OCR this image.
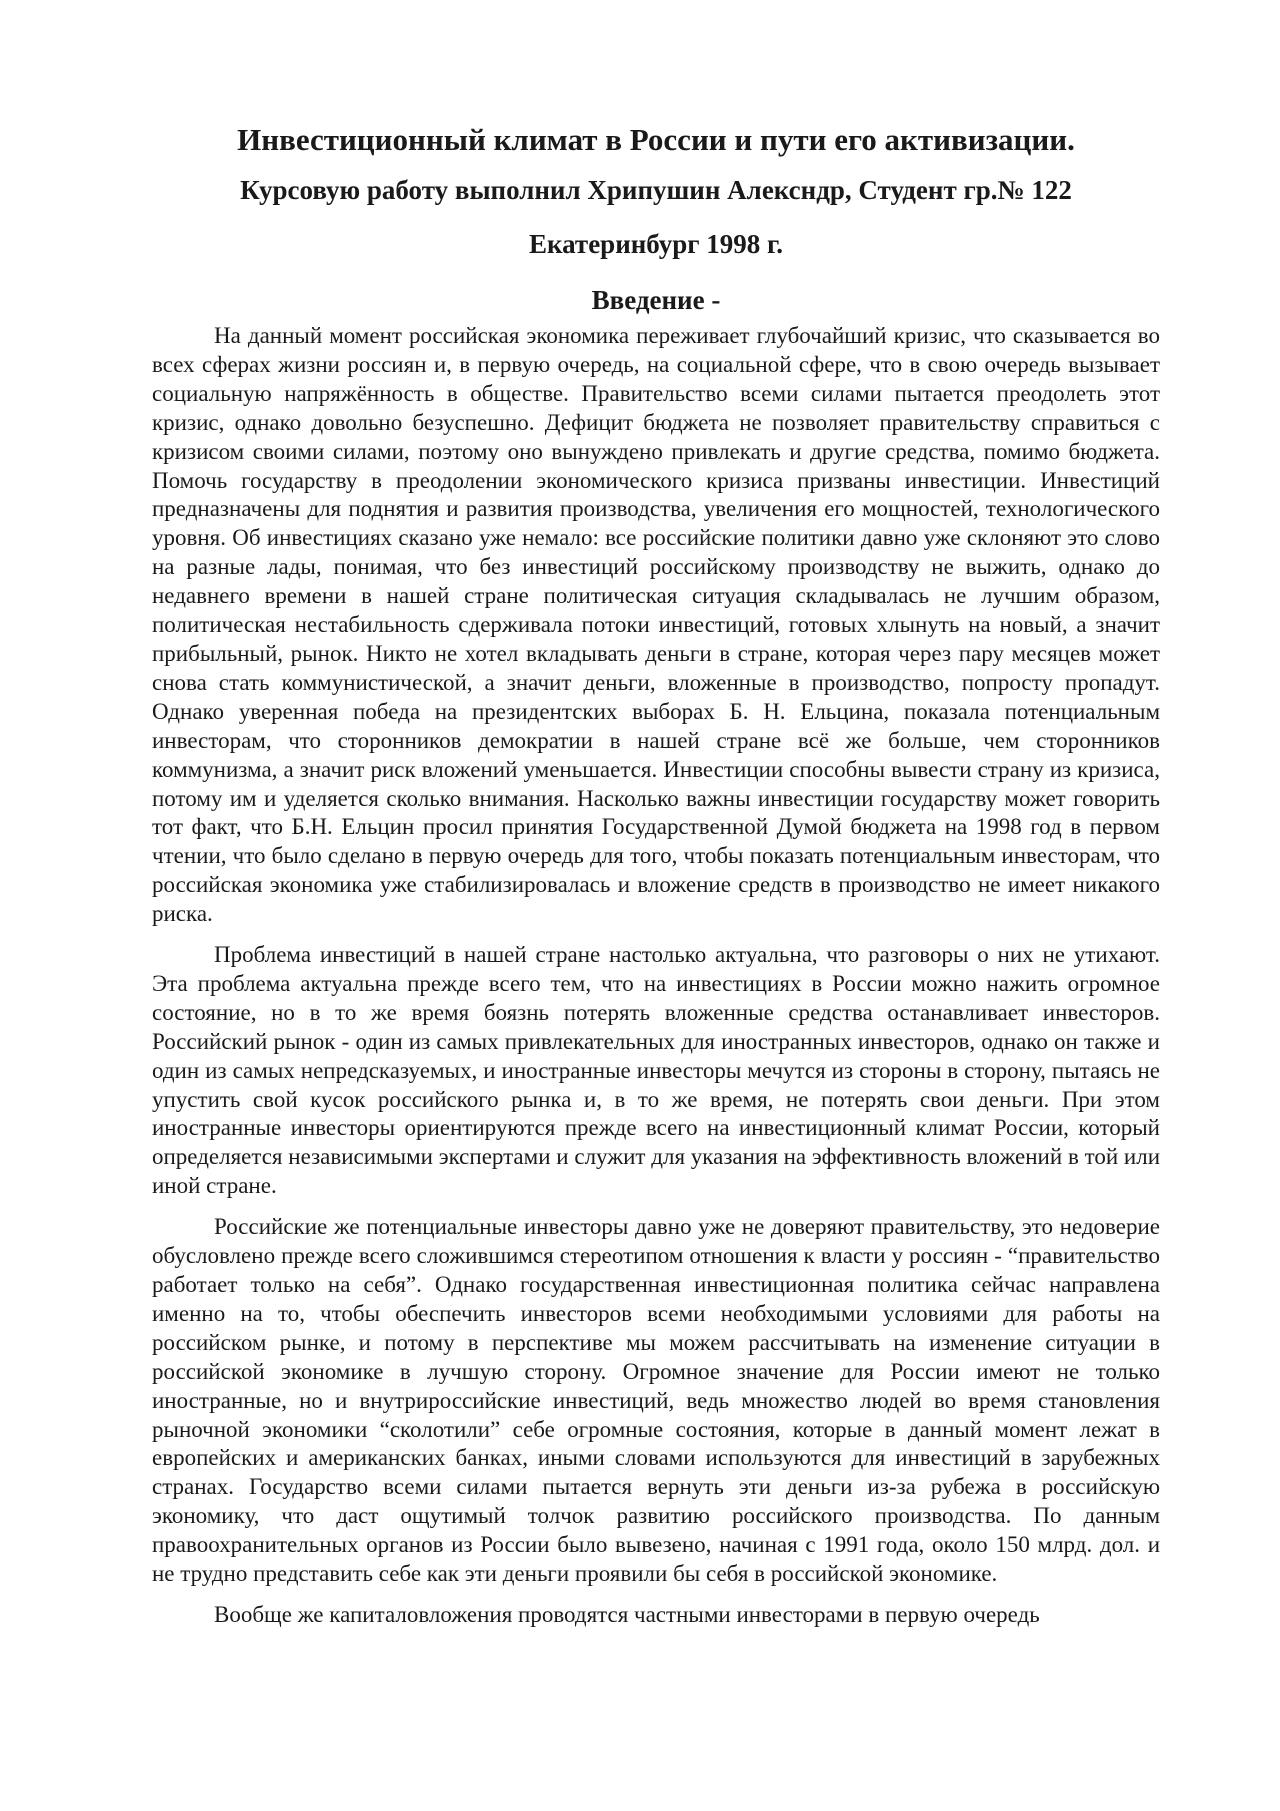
Инвестиционный климат в России и пути его активизации.
Курсовую работу выполнил Хрипушин Алексндр, Студент гр.№ 122
Екатеринбург 1998 г.
Введение -

На данный момент российская экономика переживает глубочайший кризис, что сказывается во всех сферах жизни россиян и, в первую очередь, на социальной сфере, что в свою очередь вызывает социальную напряжённость в обществе. Правительство всеми силами пытается преодолеть этот кризис, однако довольно безуспешно. Дефицит бюджета не позволяет правительству справиться с кризисом своими силами, поэтому оно вынуждено привлекать и другие средства, помимо бюджета. Помочь государству в преодолении экономического кризиса призваны инвестиции. Инвестиций предназначены для поднятия и развития производства, увеличения его мощностей, технологического уровня. Об инвестициях сказано уже немало: все российские политики давно уже склоняют это слово на разные лады, понимая, что без инвестиций российскому производству не выжить, однако до недавнего времени в нашей стране политическая ситуация складывалась не лучшим образом, политическая нестабильность сдерживала потоки инвестиций, готовых хлынуть на новый, а значит прибыльный, рынок. Никто не хотел вкладывать деньги в стране, которая через пару месяцев может снова стать коммунистической, а значит деньги, вложенные в производство, попросту пропадут. Однако уверенная победа на президентских выборах Б. Н. Ельцина, показала потенциальным инвесторам, что сторонников демократии в нашей стране всё же больше, чем сторонников коммунизма, а значит риск вложений уменьшается. Инвестиции способны вывести страну из кризиса, потому им и уделяется сколько внимания. Насколько важны инвестиции государству может говорить тот факт, что Б.Н. Ельцин просил принятия Государственной Думой бюджета на 1998 год в первом чтении, что было сделано в первую очередь для того, чтобы показать потенциальным инвесторам, что российская экономика уже стабилизировалась и вложение средств в производство не имеет никакого риска.

Проблема инвестиций в нашей стране настолько актуальна, что разговоры о них не утихают. Эта проблема актуальна прежде всего тем, что на инвестициях в России можно нажить огромное состояние, но в то же время боязнь потерять вложенные средства останавливает инвесторов. Российский рынок - один из самых привлекательных для иностранных инвесторов, однако он также и один из самых непредсказуемых, и иностранные инвесторы мечутся из стороны в сторону, пытаясь не упустить свой кусок российского рынка и, в то же время, не потерять свои деньги. При этом иностранные инвесторы ориентируются прежде всего на инвестиционный климат России, который определяется независимыми экспертами и служит для указания на эффективность вложений в той или иной стране.

Российские же потенциальные инвесторы давно уже не доверяют правительству, это недоверие обусловлено прежде всего сложившимся стереотипом отношения к власти у россиян - “правительство работает только на себя”. Однако государственная инвестиционная политика сейчас направлена именно на то, чтобы обеспечить инвесторов всеми необходимыми условиями для работы на российском рынке, и потому в перспективе мы можем рассчитывать на изменение ситуации в российской экономике в лучшую сторону. Огромное значение для России имеют не только иностранные, но и внутрироссийские инвестиций, ведь множество людей во время становления рыночной экономики “сколотили” себе огромные состояния, которые в данный момент лежат в европейских и американских банках, иными словами используются для инвестиций в зарубежных странах. Государство всеми силами пытается вернуть эти деньги из-за рубежа в российскую экономику, что даст ощутимый толчок развитию российского производства. По данным правоохранительных органов из России было вывезено, начиная с 1991 года, около 150 млрд. дол. и не трудно представить себе как эти деньги проявили бы себя в российской экономике.

Вообще же капиталовложения проводятся частными инвесторами в первую очередь
